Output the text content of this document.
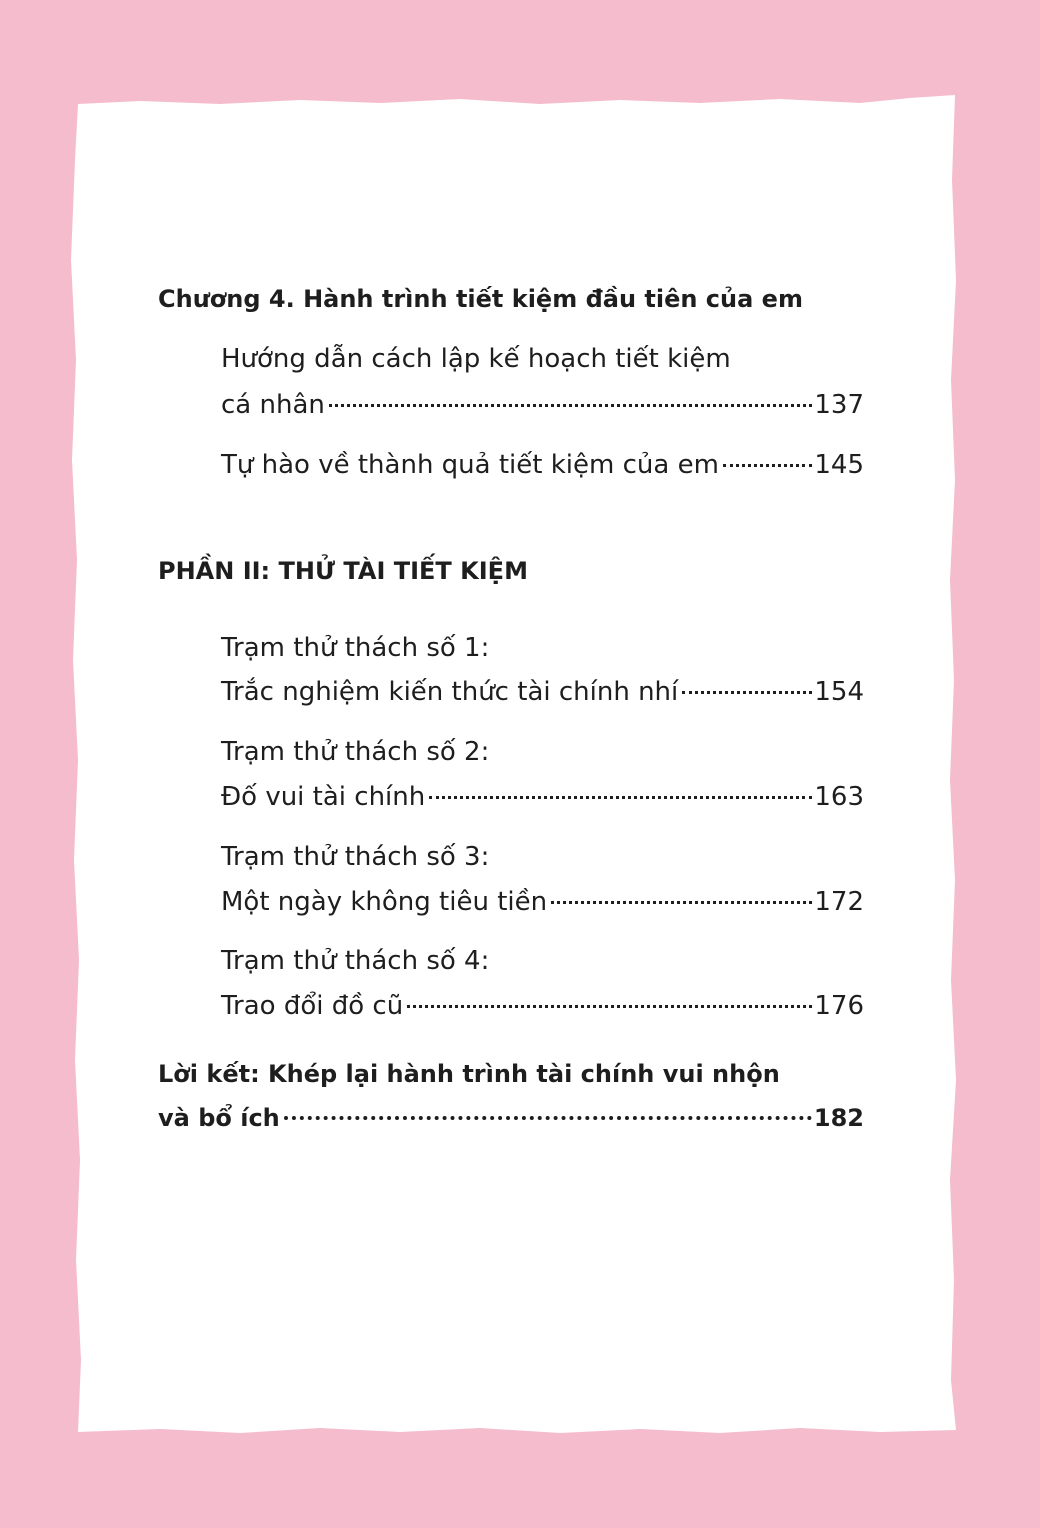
Chương 4. Hành trình tiết kiệm đầu tiên của em
Hướng dẫn cách lập kế hoạch tiết kiệm
cá nhân	137
Tự hào về thành quả tiết kiệm của em	145
PHẦN II: THỬ TÀI TIẾT KIỆM
Trạm thử thách số 1:
Trắc nghiệm kiến thức tài chính nhí	154
Trạm thử thách số 2:
Đố vui tài chính	163
Trạm thử thách số 3:
Một ngày không tiêu tiền	172
Trạm thử thách số 4:
Trao đổi đồ cũ	176
Lời kết: Khép lại hành trình tài chính vui nhộn
và bổ ích	182
